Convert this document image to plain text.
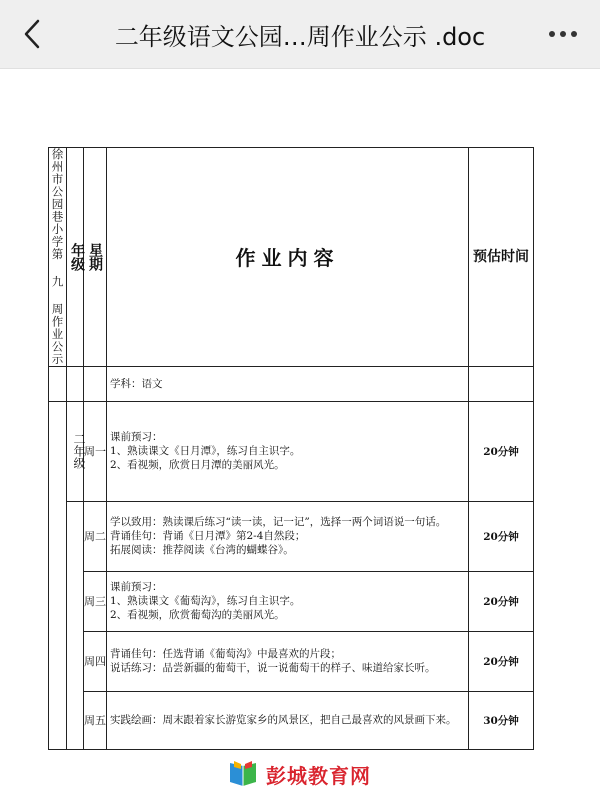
二年级语文公园…周作业公示 .doc
徐州市公园巷小学第 九 周作业公示	年级	星期	作业内容	预估时间
			学科：语文	

	二年级	周一	课前预习：
1、熟读课文《日月潭》，练习自主识字。
2、看视频，欣赏日月潭的美丽风光。	20分钟
		周二	学以致用：熟读课后练习“读一读，记一记”，选择一两个词语说一句话。
背诵佳句：背诵《日月潭》第2-4自然段；
拓展阅读：推荐阅读《台湾的蝴蝶谷》。	20分钟
		周三	课前预习：
1、熟读课文《葡萄沟》，练习自主识字。
2、看视频，欣赏葡萄沟的美丽风光。	20分钟
		周四	背诵佳句：任选背诵《葡萄沟》中最喜欢的片段；
说话练习：品尝新疆的葡萄干，说一说葡萄干的样子、味道给家长听。	20分钟
		周五	实践绘画：周末跟着家长游览家乡的风景区，把自己最喜欢的风景画下来。	30分钟
彭城教育网
